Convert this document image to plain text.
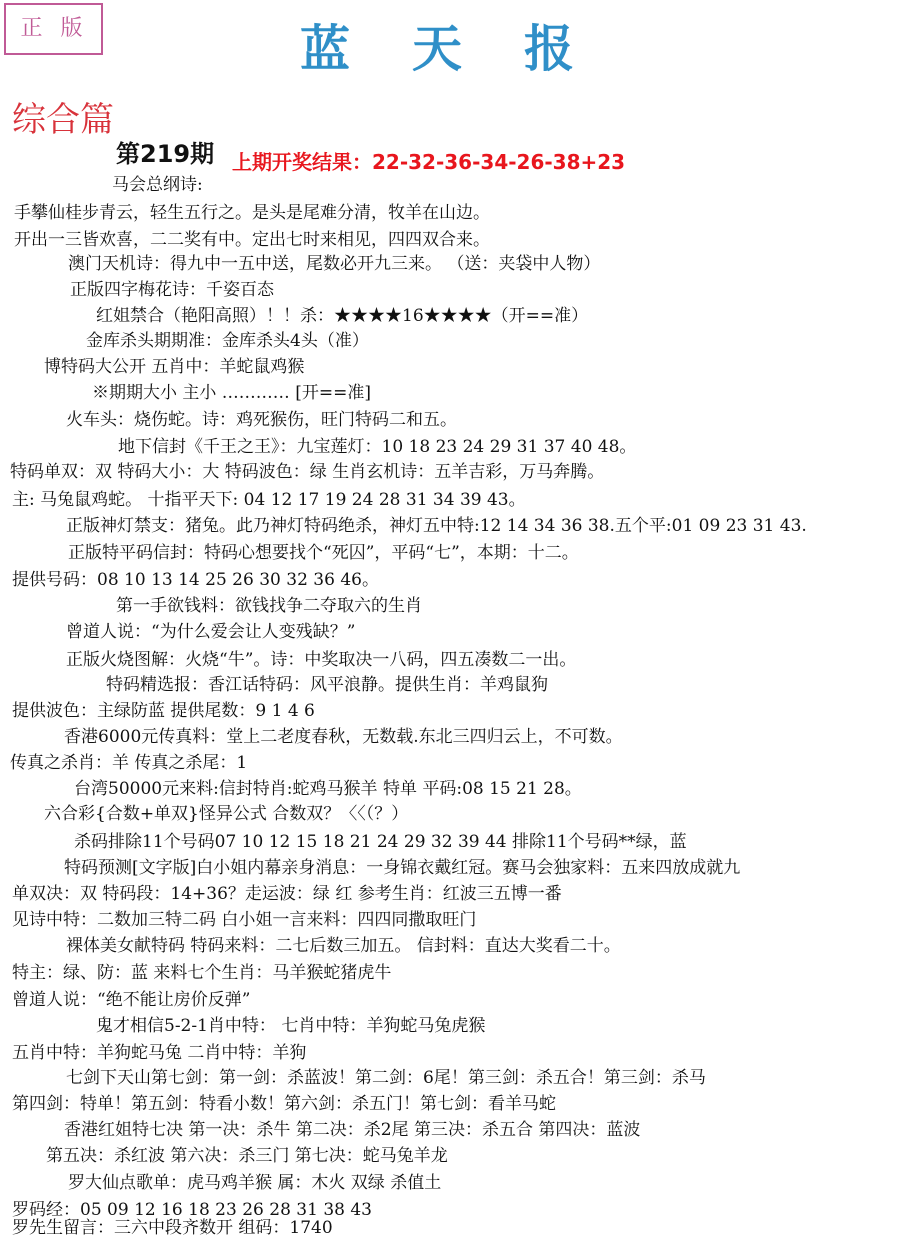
正版	蓝天报
综合篇
第219期 上期开奖结果：22-32-36-34-26-38+23
马会总纲诗:
手攀仙桂步青云，轻生五行之。是头是尾难分清，牧羊在山边。
开出一三皆欢喜，二二奖有中。定出七时来相见，四四双合来。
澳门天机诗：得九中一五中送，尾数必开九三来。 （送：夹袋中人物）
正版四字梅花诗：千姿百态
红姐禁合（艳阳高照）！！杀：★★★★16★★★★（开==准）
金库杀头期期准：金库杀头4头（准）
博特码大公开 五肖中：羊蛇鼠鸡猴
※期期大小 主小 ………… [开==准]
火车头：烧伤蛇。诗：鸡死猴伤，旺门特码二和五。
地下信封《千王之王》：九宝莲灯：10 18 23 24 29 31 37 40 48。
特码单双：双 特码大小：大 特码波色：绿 生肖玄机诗：五羊吉彩，万马奔腾。
主: 马兔鼠鸡蛇。 十指平天下: 04 12 17 19 24 28 31 34 39 43。
正版神灯禁支：猪兔。此乃神灯特码绝杀，神灯五中特:12 14 34 36 38.五个平:01 09 23 31 43.
正版特平码信封：特码心想要找个“死囚”，平码“七”，本期：十二。
提供号码：08 10 13 14 25 26 30 32 36 46。
第一手欲钱料：欲钱找争二夺取六的生肖
曾道人说：“为什么爱会让人变残缺？”
正版火烧图解：火烧“牛”。诗：中奖取决一八码，四五凑数二一出。
特码精选报：香江话特码：风平浪静。提供生肖：羊鸡鼠狗
提供波色：主绿防蓝 提供尾数：9 1 4 6
香港6000元传真料：堂上二老度春秋，无数载.东北三四归云上，不可数。
传真之杀肖：羊 传真之杀尾：1
台湾50000元来料:信封特肖:蛇鸡马猴羊 特单 平码:08 15 21 28。
六合彩{合数+单双}怪异公式 合数双？〈〈（？）
杀码排除11个号码07 10 12 15 18 21 24 29 32 39 44 排除11个号码**绿，蓝
特码预测[文字版]白小姐内幕亲身消息：一身锦衣戴红冠。赛马会独家料：五来四放成就九
单双决：双 特码段：14+36？走运波：绿 红 参考生肖：红波三五博一番
见诗中特：二数加三特二码 白小姐一言来料：四四同撒取旺门
裸体美女献特码 特码来料：二七后数三加五。 信封料：直达大奖看二十。
特主：绿、防：蓝 来料七个生肖：马羊猴蛇猪虎牛
曾道人说：“绝不能让房价反弹”
鬼才相信5-2-1肖中特： 七肖中特：羊狗蛇马兔虎猴
五肖中特：羊狗蛇马兔 二肖中特：羊狗
七剑下天山第七剑：第一剑：杀蓝波！第二剑：6尾！第三剑：杀五合！第三剑：杀马
第四剑：特单！第五剑：特看小数！第六剑：杀五门！第七剑：看羊马蛇
香港红姐特七决 第一决：杀牛 第二决：杀2尾 第三决：杀五合 第四决：蓝波
第五决：杀红波 第六决：杀三门 第七决：蛇马兔羊龙
罗大仙点歌单：虎马鸡羊猴 属：木火 双绿 杀值土
罗码经：05 09 12 16 18 23 26 28 31 38 43
罗先生留言：三六中段齐数开 组码：1740
